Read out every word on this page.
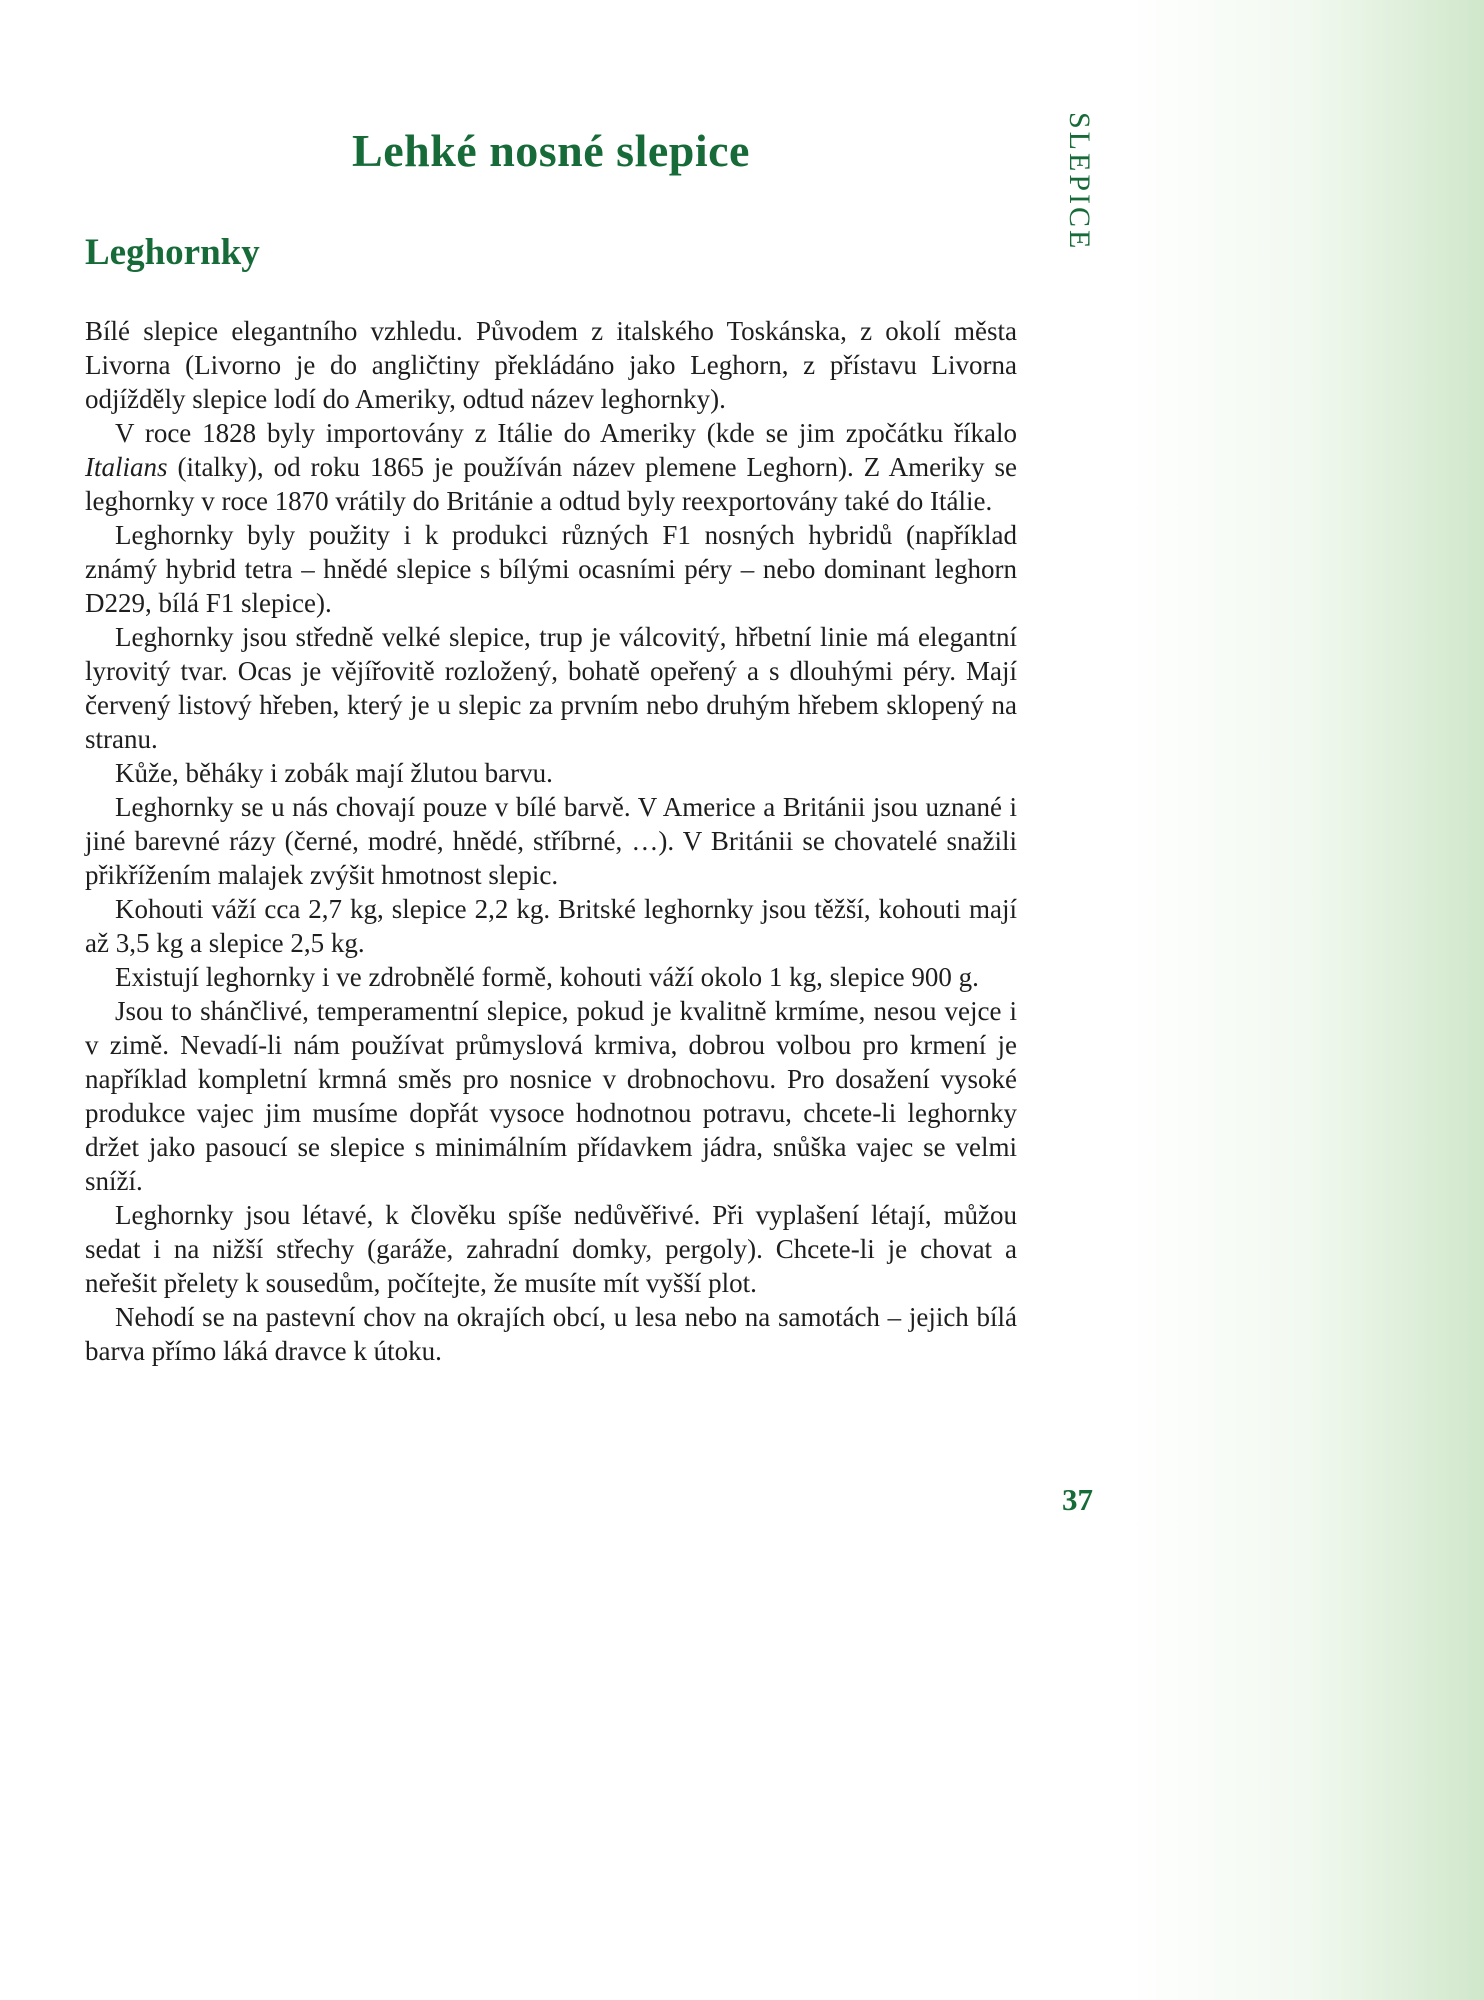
Lehké nosné slepice
Leghornky

Bílé slepice elegantního vzhledu. Původem z italského Toskánska, z okolí města Livorna (Livorno je do angličtiny překládáno jako Leghorn, z přístavu Livorna odjížděly slepice lodí do Ameriky, odtud název leghornky).

V roce 1828 byly importovány z Itálie do Ameriky (kde se jim zpočátku říkalo Italians (italky), od roku 1865 je používán název plemene Leghorn). Z Ameriky se leghornky v roce 1870 vrátily do Británie a odtud byly reexportovány také do Itálie.

Leghornky byly použity i k produkci různých F1 nosných hybridů (například známý hybrid tetra – hnědé slepice s bílými ocasními péry – nebo dominant leghorn D229, bílá F1 slepice).

Leghornky jsou středně velké slepice, trup je válcovitý, hřbetní linie má elegantní lyrovitý tvar. Ocas je vějířovitě rozložený, bohatě opeřený a s dlouhými péry. Mají červený listový hřeben, který je u slepic za prvním nebo druhým hřebem sklopený na stranu.

Kůže, běháky i zobák mají žlutou barvu.

Leghornky se u nás chovají pouze v bílé barvě. V Americe a Británii jsou uznané i jiné barevné rázy (černé, modré, hnědé, stříbrné, …). V Británii se chovatelé snažili přikřížením malajek zvýšit hmotnost slepic.

Kohouti váží cca 2,7 kg, slepice 2,2 kg. Britské leghornky jsou těžší, kohouti mají až 3,5 kg a slepice 2,5 kg.

Existují leghornky i ve zdrobnělé formě, kohouti váží okolo 1 kg, slepice 900 g.

Jsou to shánčlivé, temperamentní slepice, pokud je kvalitně krmíme, nesou vejce i v zimě. Nevadí-li nám používat průmyslová krmiva, dobrou volbou pro krmení je například kompletní krmná směs pro nosnice v drobnochovu. Pro dosažení vysoké produkce vajec jim musíme dopřát vysoce hodnotnou potravu, chcete-li leghornky držet jako pasoucí se slepice s minimálním přídavkem jádra, snůška vajec se velmi sníží.

Leghornky jsou létavé, k člověku spíše nedůvěřivé. Při vyplašení létají, můžou sedat i na nižší střechy (garáže, zahradní domky, pergoly). Chcete-li je chovat a neřešit přelety k sousedům, počítejte, že musíte mít vyšší plot.

Nehodí se na pastevní chov na okrajích obcí, u lesa nebo na samotách – jejich bílá barva přímo láká dravce k útoku.

SLEPICE
37
